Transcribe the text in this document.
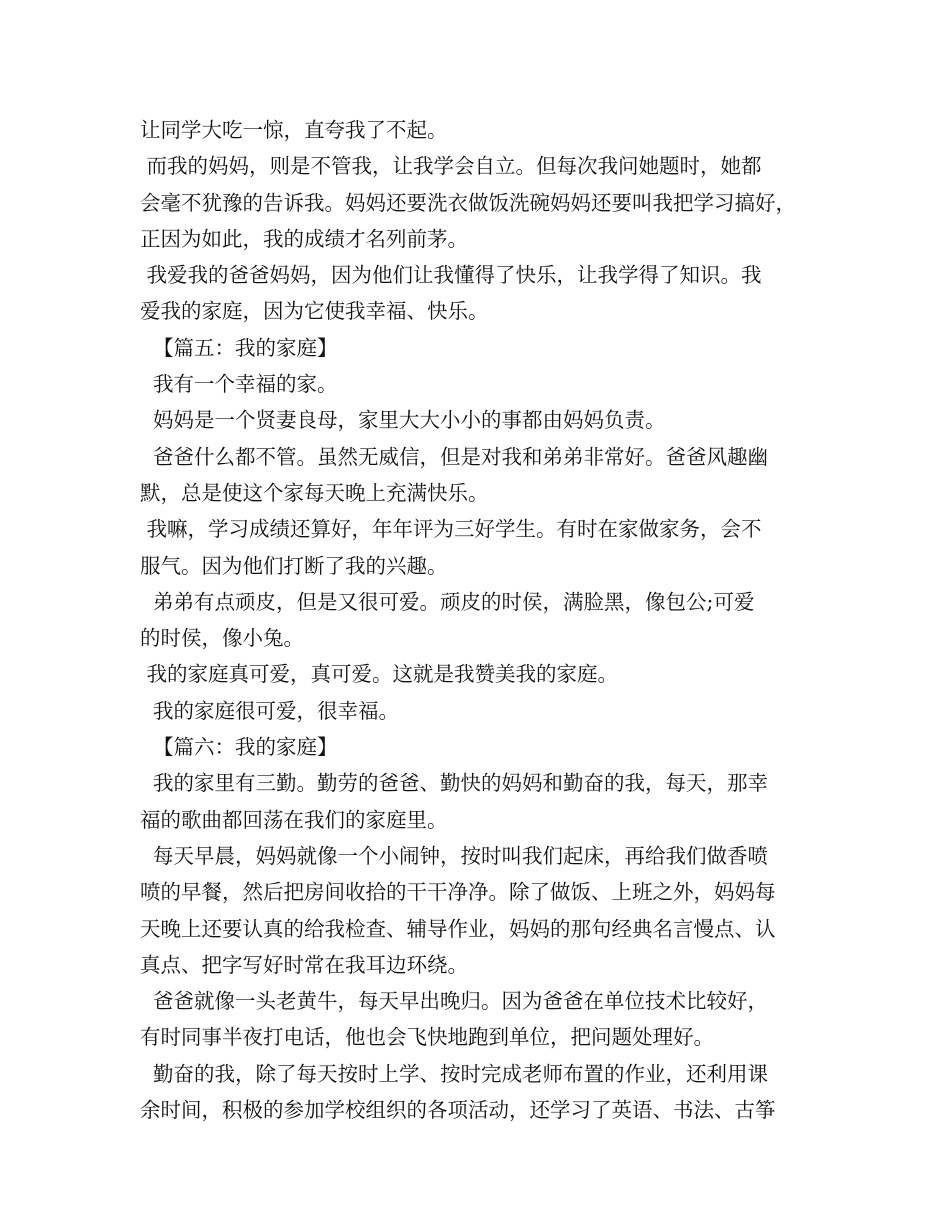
让同学大吃一惊，直夸我了不起。
而我的妈妈，则是不管我，让我学会自立。但每次我问她题时，她都
会毫不犹豫的告诉我。妈妈还要洗衣做饭洗碗妈妈还要叫我把学习搞好，
正因为如此，我的成绩才名列前茅。
我爱我的爸爸妈妈，因为他们让我懂得了快乐，让我学得了知识。我
爱我的家庭，因为它使我幸福、快乐。
【篇五：我的家庭】
我有一个幸福的家。
妈妈是一个贤妻良母，家里大大小小的事都由妈妈负责。
爸爸什么都不管。虽然无威信，但是对我和弟弟非常好。爸爸风趣幽
默，总是使这个家每天晚上充满快乐。
我嘛，学习成绩还算好，年年评为三好学生。有时在家做家务，会不
服气。因为他们打断了我的兴趣。
弟弟有点顽皮，但是又很可爱。顽皮的时侯，满脸黑，像包公;可爱
的时侯，像小兔。
我的家庭真可爱，真可爱。这就是我赞美我的家庭。
我的家庭很可爱，很幸福。
【篇六：我的家庭】
我的家里有三勤。勤劳的爸爸、勤快的妈妈和勤奋的我，每天，那幸
福的歌曲都回荡在我们的家庭里。
每天早晨，妈妈就像一个小闹钟，按时叫我们起床，再给我们做香喷
喷的早餐，然后把房间收拾的干干净净。除了做饭、上班之外，妈妈每
天晚上还要认真的给我检查、辅导作业，妈妈的那句经典名言慢点、认
真点、把字写好时常在我耳边环绕。
爸爸就像一头老黄牛，每天早出晚归。因为爸爸在单位技术比较好，
有时同事半夜打电话，他也会飞快地跑到单位，把问题处理好。
勤奋的我，除了每天按时上学、按时完成老师布置的作业，还利用课
余时间，积极的参加学校组织的各项活动，还学习了英语、书法、古筝
